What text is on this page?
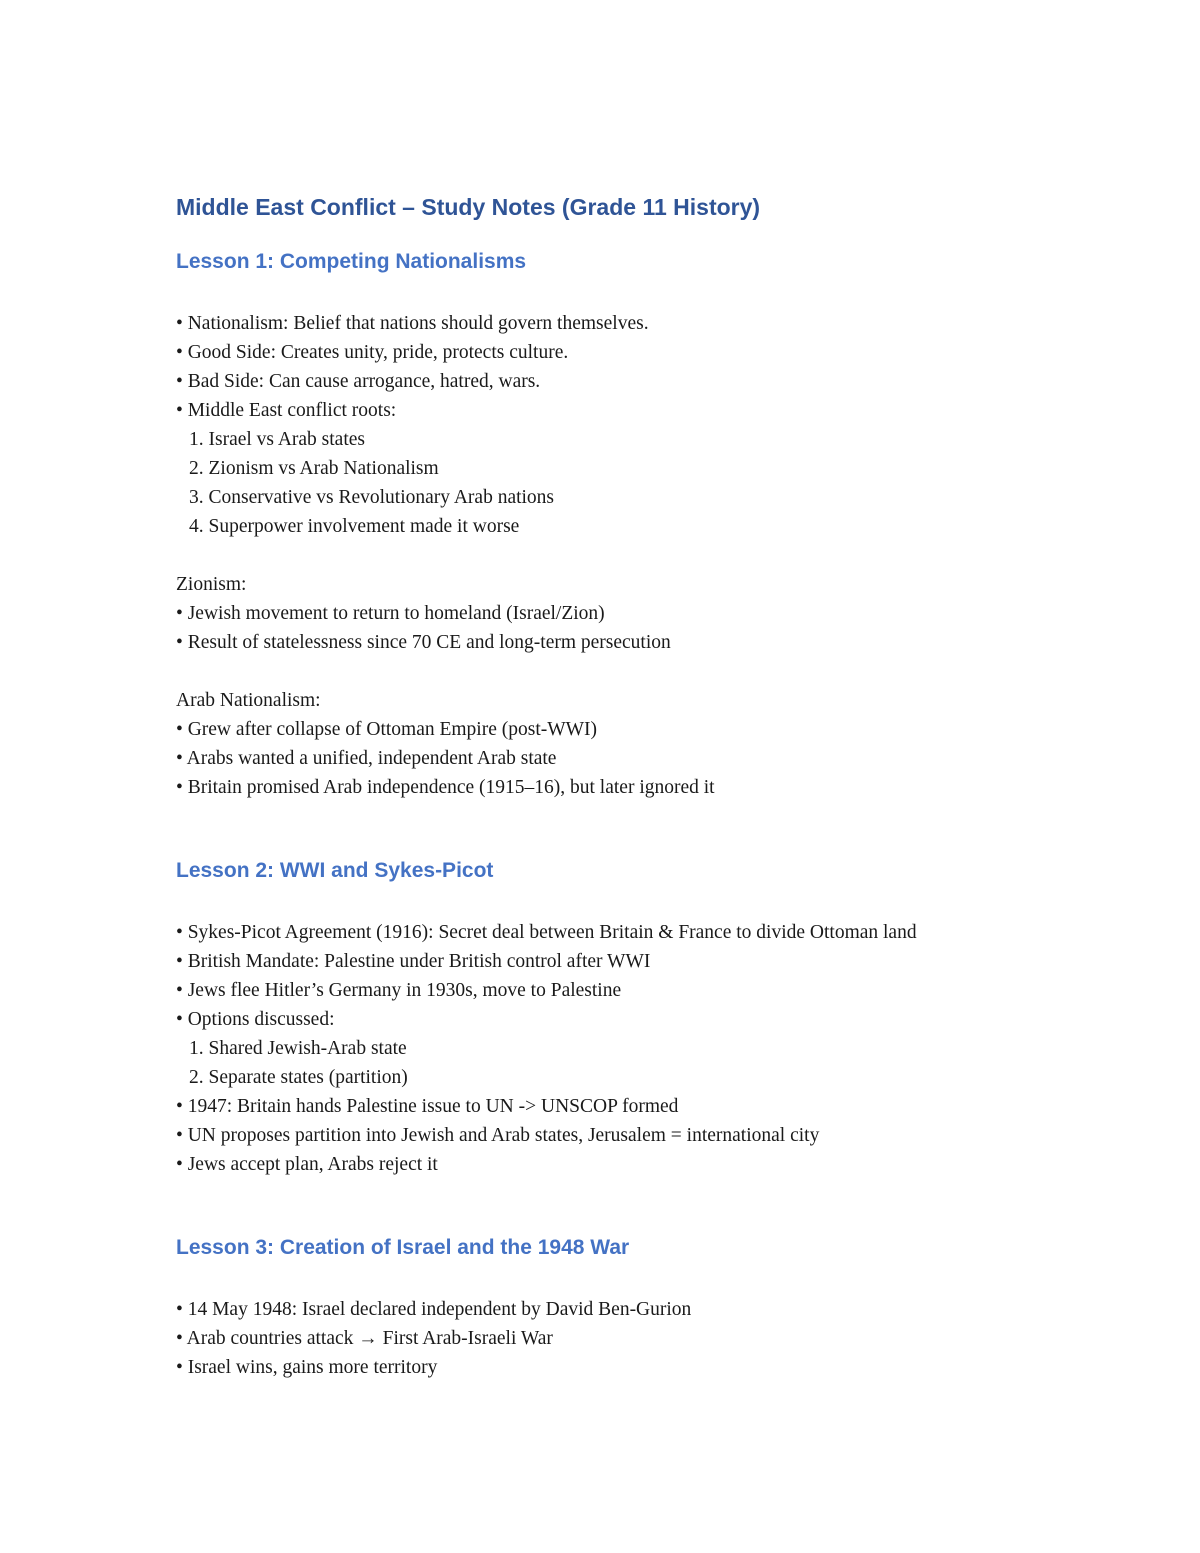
Middle East Conflict – Study Notes (Grade 11 History)
Lesson 1: Competing Nationalisms

• Nationalism: Belief that nations should govern themselves.

• Good Side: Creates unity, pride, protects culture.

• Bad Side: Can cause arrogance, hatred, wars.

• Middle East conflict roots:

1. Israel vs Arab states

2. Zionism vs Arab Nationalism

3. Conservative vs Revolutionary Arab nations

4. Superpower involvement made it worse

Zionism:

• Jewish movement to return to homeland (Israel/Zion)

• Result of statelessness since 70 CE and long-term persecution

Arab Nationalism:

• Grew after collapse of Ottoman Empire (post-WWI)

• Arabs wanted a unified, independent Arab state

• Britain promised Arab independence (1915–16), but later ignored it

Lesson 2: WWI and Sykes-Picot

• Sykes-Picot Agreement (1916): Secret deal between Britain & France to divide Ottoman land

• British Mandate: Palestine under British control after WWI

• Jews flee Hitler’s Germany in 1930s, move to Palestine

• Options discussed:

1. Shared Jewish-Arab state

2. Separate states (partition)

• 1947: Britain hands Palestine issue to UN -> UNSCOP formed

• UN proposes partition into Jewish and Arab states, Jerusalem = international city

• Jews accept plan, Arabs reject it

Lesson 3: Creation of Israel and the 1948 War

• 14 May 1948: Israel declared independent by David Ben-Gurion

• Arab countries attack → First Arab-Israeli War

• Israel wins, gains more territory
